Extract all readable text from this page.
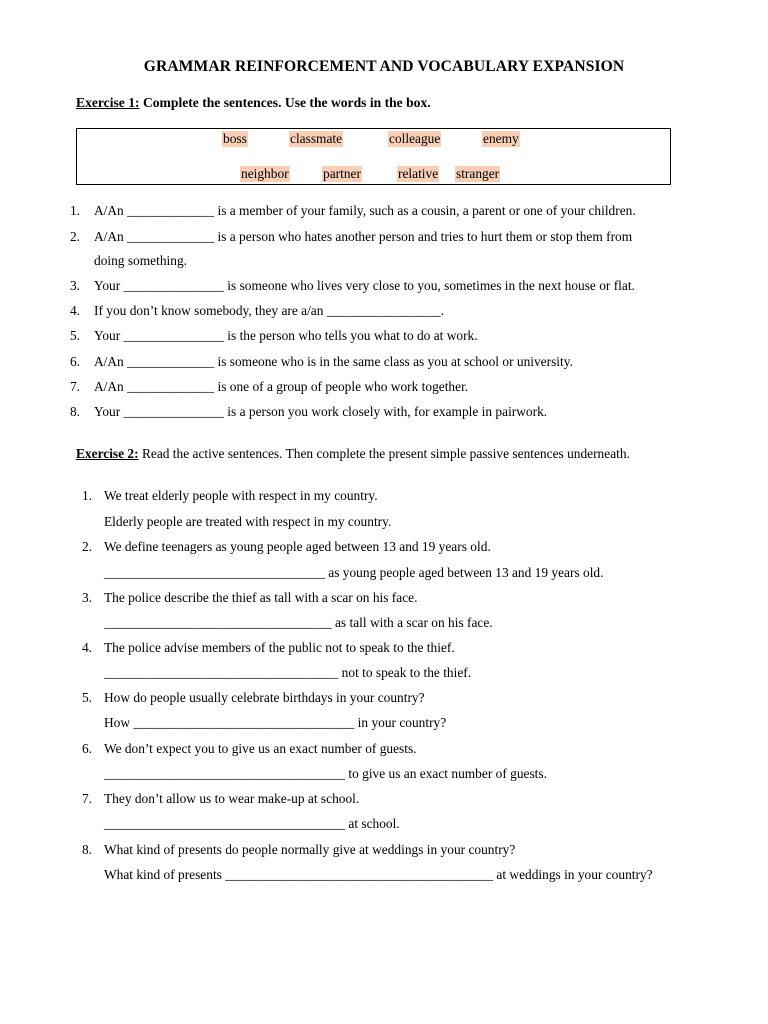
GRAMMAR REINFORCEMENT AND VOCABULARY EXPANSION
Exercise 1: Complete the sentences. Use the words in the box.
boss	classmate	colleague	enemy
neighbor	partner	relative stranger
1. A/An _____________ is a member of your family, such as a cousin, a parent or one of your children.
2. A/An _____________ is a person who hates another person and tries to hurt them or stop them from
doing something.
3. Your _______________ is someone who lives very close to you, sometimes in the next house or flat.
4. If you don’t know somebody, they are a/an _________________.
5. Your _______________ is the person who tells you what to do at work.
6. A/An _____________ is someone who is in the same class as you at school or university.
7. A/An _____________ is one of a group of people who work together.
8. Your _______________ is a person you work closely with, for example in pairwork.
Exercise 2: Read the active sentences. Then complete the present simple passive sentences underneath.
1. We treat elderly people with respect in my country.
Elderly people are treated with respect in my country.
2. We define teenagers as young people aged between 13 and 19 years old.
_________________________________ as young people aged between 13 and 19 years old.
3. The police describe the thief as tall with a scar on his face.
__________________________________ as tall with a scar on his face.
4. The police advise members of the public not to speak to the thief.
___________________________________ not to speak to the thief.
5. How do people usually celebrate birthdays in your country?
How _________________________________ in your country?
6. We don’t expect you to give us an exact number of guests.
____________________________________ to give us an exact number of guests.
7. They don’t allow us to wear make-up at school.
____________________________________ at school.
8. What kind of presents do people normally give at weddings in your country?
What kind of presents ________________________________________ at weddings in your country?
